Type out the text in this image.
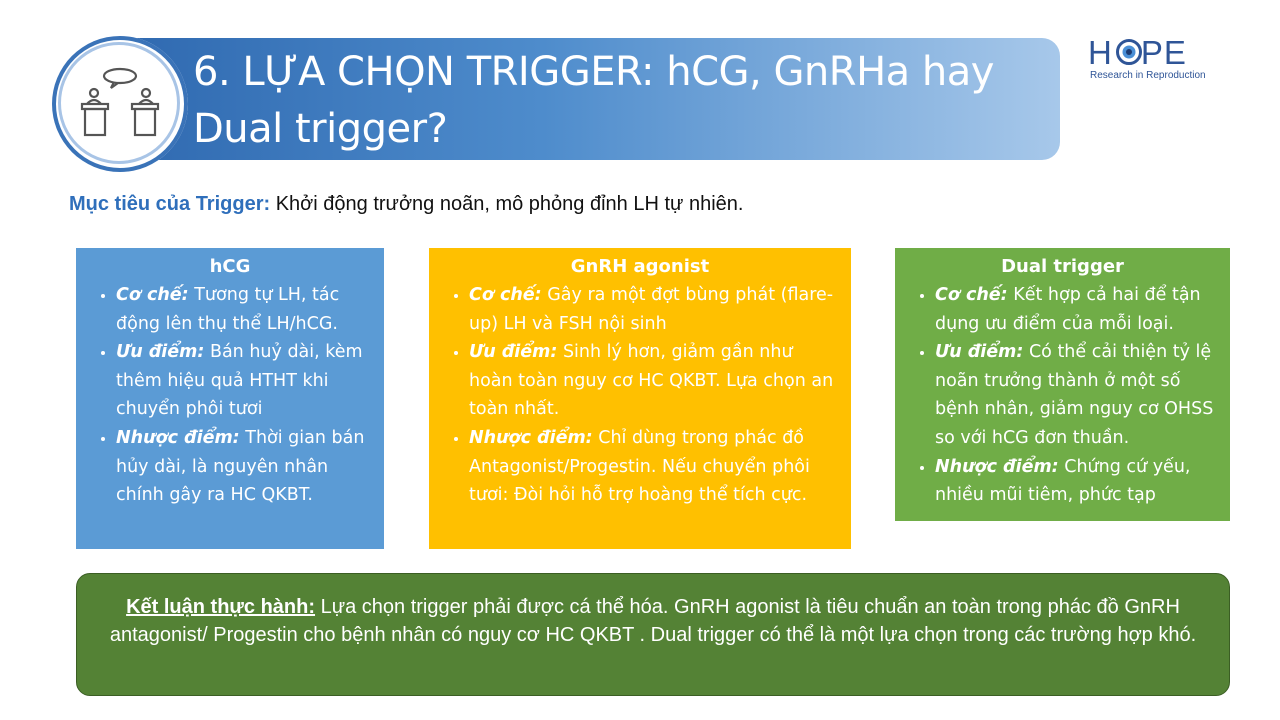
6. LỰA CHỌN TRIGGER: hCG, GnRHa hay
Dual trigger?
H PE
Research in Reproduction
Mục tiêu của Trigger: Khởi động trưởng noãn, mô phỏng đỉnh LH tự nhiên.
hCG
• Cơ chế: Tương tự LH, tác động lên thụ thể LH/hCG.
• Ưu điểm: Bán huỷ dài, kèm thêm hiệu quả HTHT khi chuyển phôi tươi
• Nhược điểm: Thời gian bán hủy dài, là nguyên nhân chính gây ra HC QKBT.
GnRH agonist
• Cơ chế: Gây ra một đợt bùng phát (flare-up) LH và FSH nội sinh
• Ưu điểm: Sinh lý hơn, giảm gần như hoàn toàn nguy cơ HC QKBT. Lựa chọn an toàn nhất.
• Nhược điểm: Chỉ dùng trong phác đồ Antagonist/Progestin. Nếu chuyển phôi tươi: Đòi hỏi hỗ trợ hoàng thể tích cực.
Dual trigger
• Cơ chế: Kết hợp cả hai để tận dụng ưu điểm của mỗi loại.
• Ưu điểm: Có thể cải thiện tỷ lệ noãn trưởng thành ở một số bệnh nhân, giảm nguy cơ OHSS so với hCG đơn thuần.
• Nhược điểm: Chứng cứ yếu, nhiều mũi tiêm, phức tạp
Kết luận thực hành: Lựa chọn trigger phải được cá thể hóa. GnRH agonist là tiêu chuẩn an toàn trong phác đồ GnRH antagonist/ Progestin cho bệnh nhân có nguy cơ HC QKBT . Dual trigger có thể là một lựa chọn trong các trường hợp khó.
